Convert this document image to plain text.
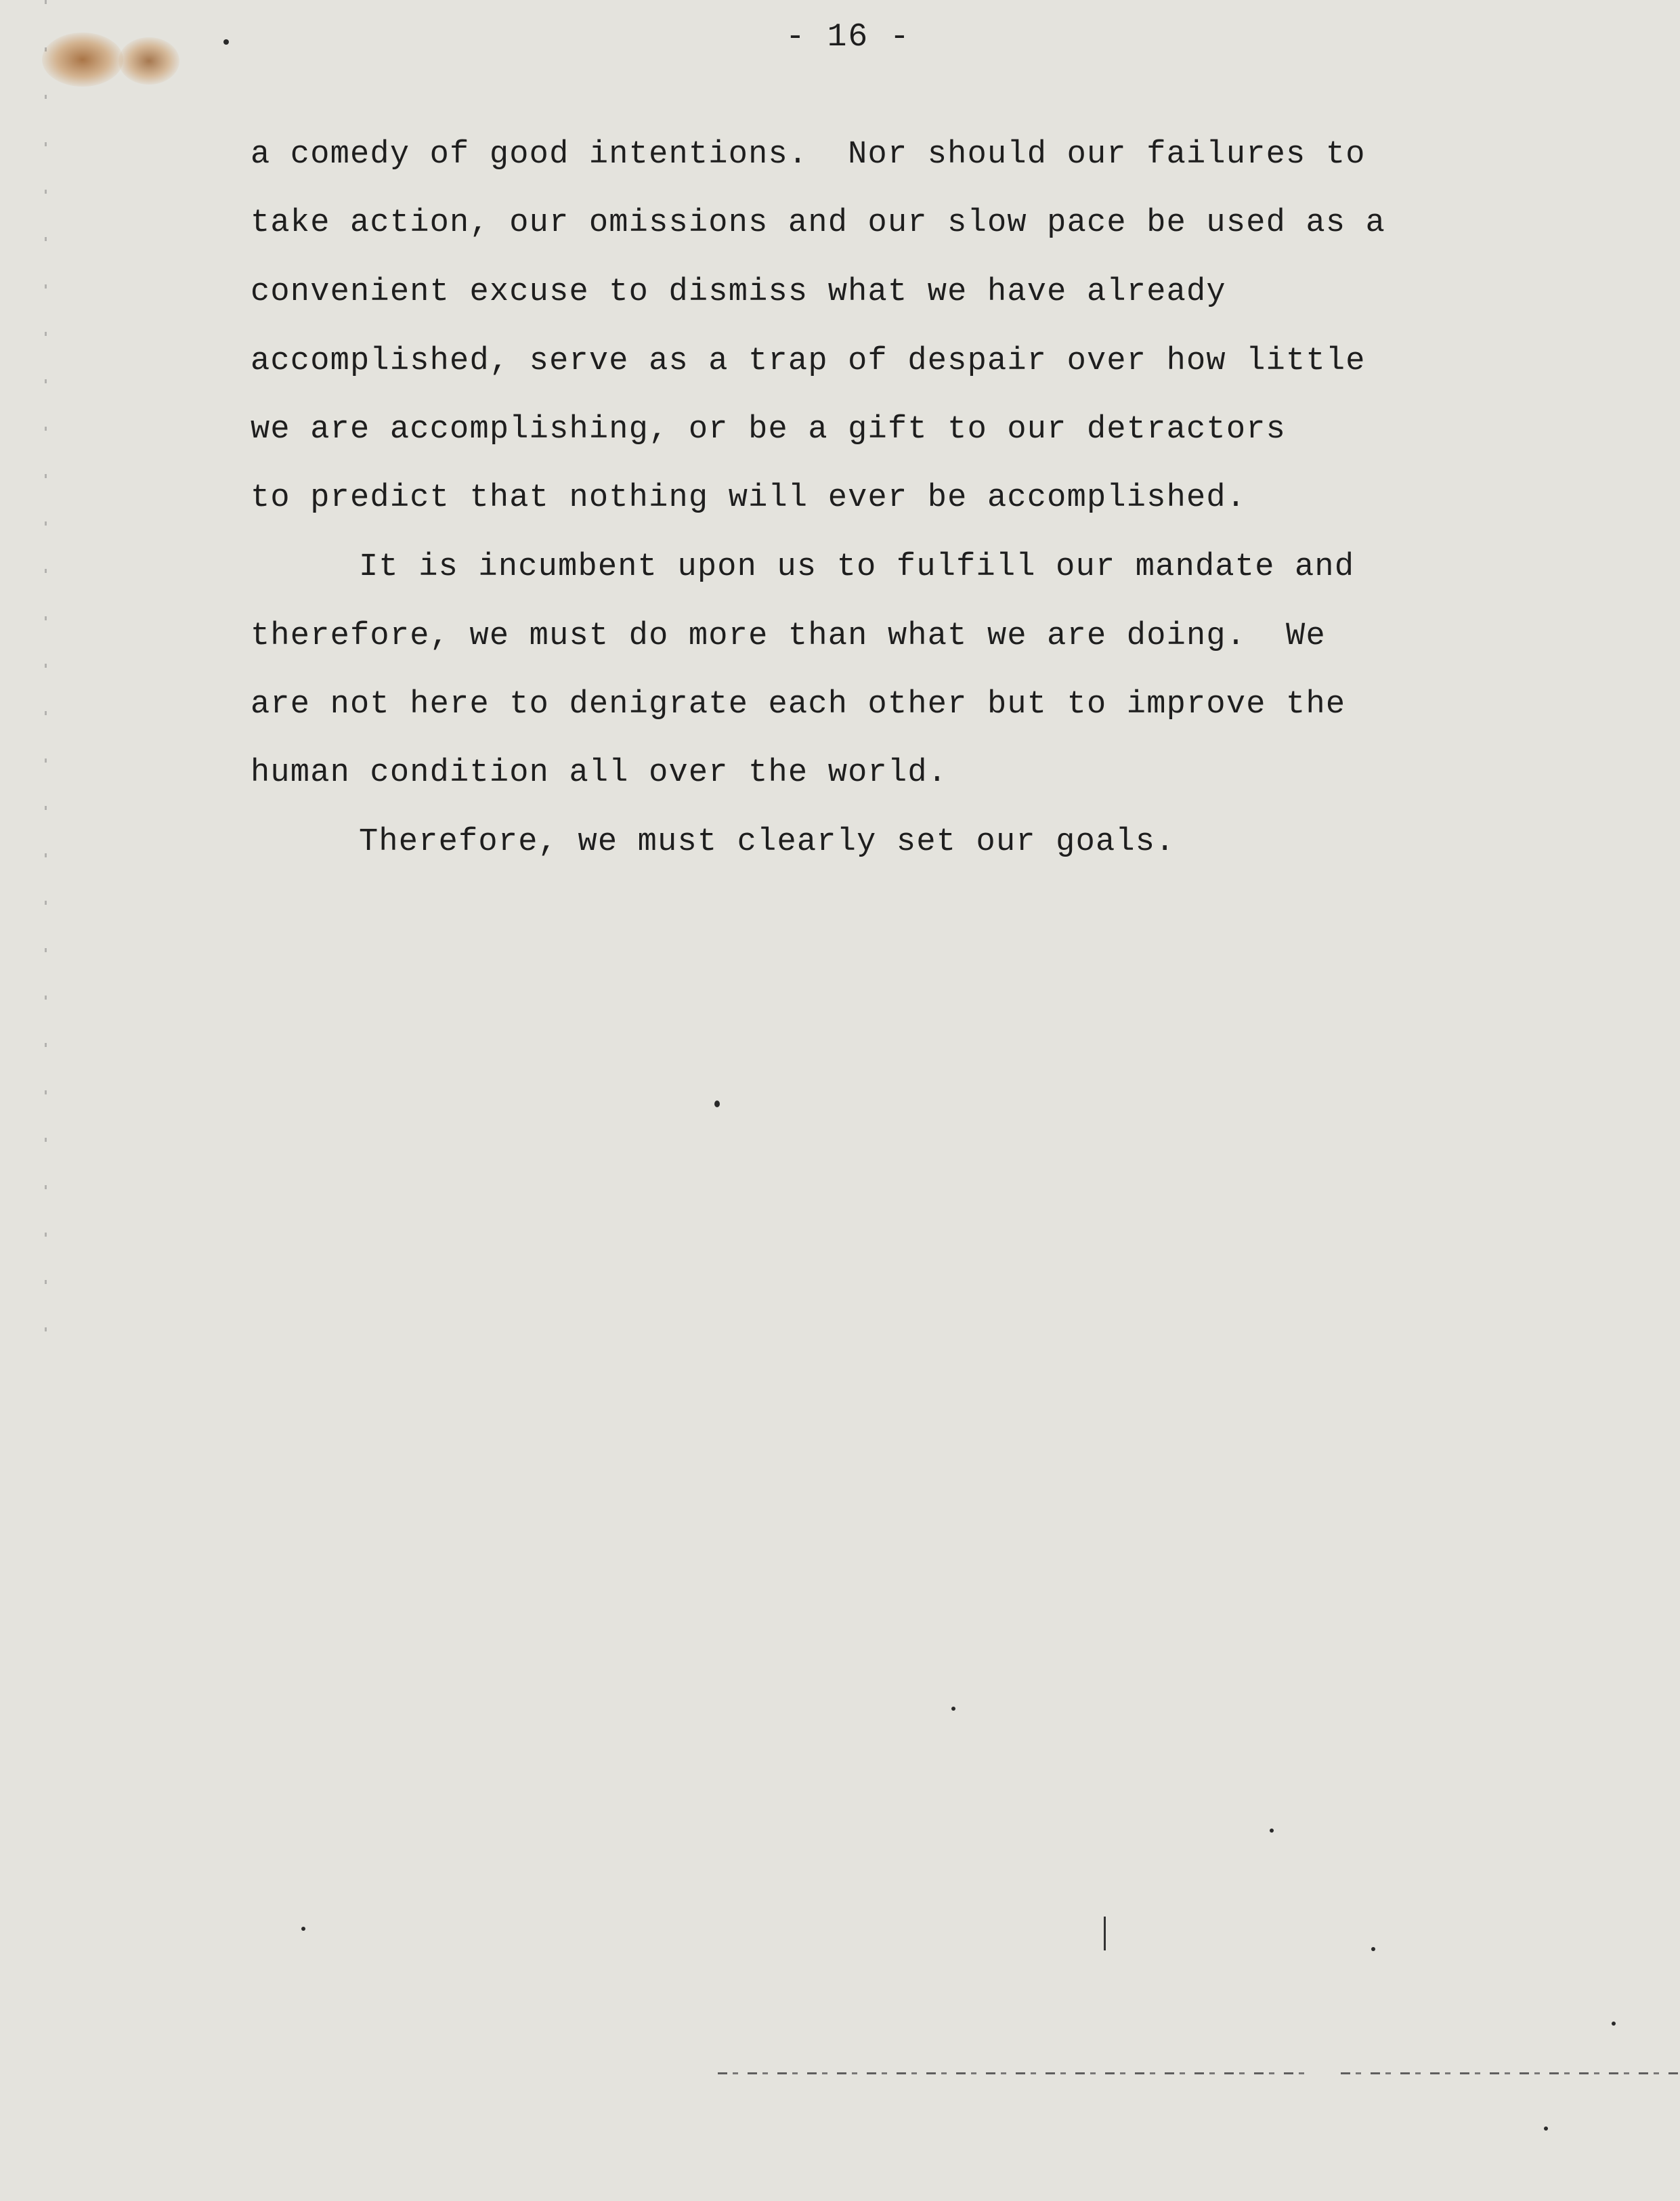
- 16 -
a comedy of good intentions.  Nor should our failures to
take action, our omissions and our slow pace be used as a
convenient excuse to dismiss what we have already
accomplished, serve as a trap of despair over how little
we are accomplishing, or be a gift to our detractors
to predict that nothing will ever be accomplished.
It is incumbent upon us to fulfill our mandate and
therefore, we must do more than what we are doing.  We
are not here to denigrate each other but to improve the
human condition all over the world.
Therefore, we must clearly set our goals.
